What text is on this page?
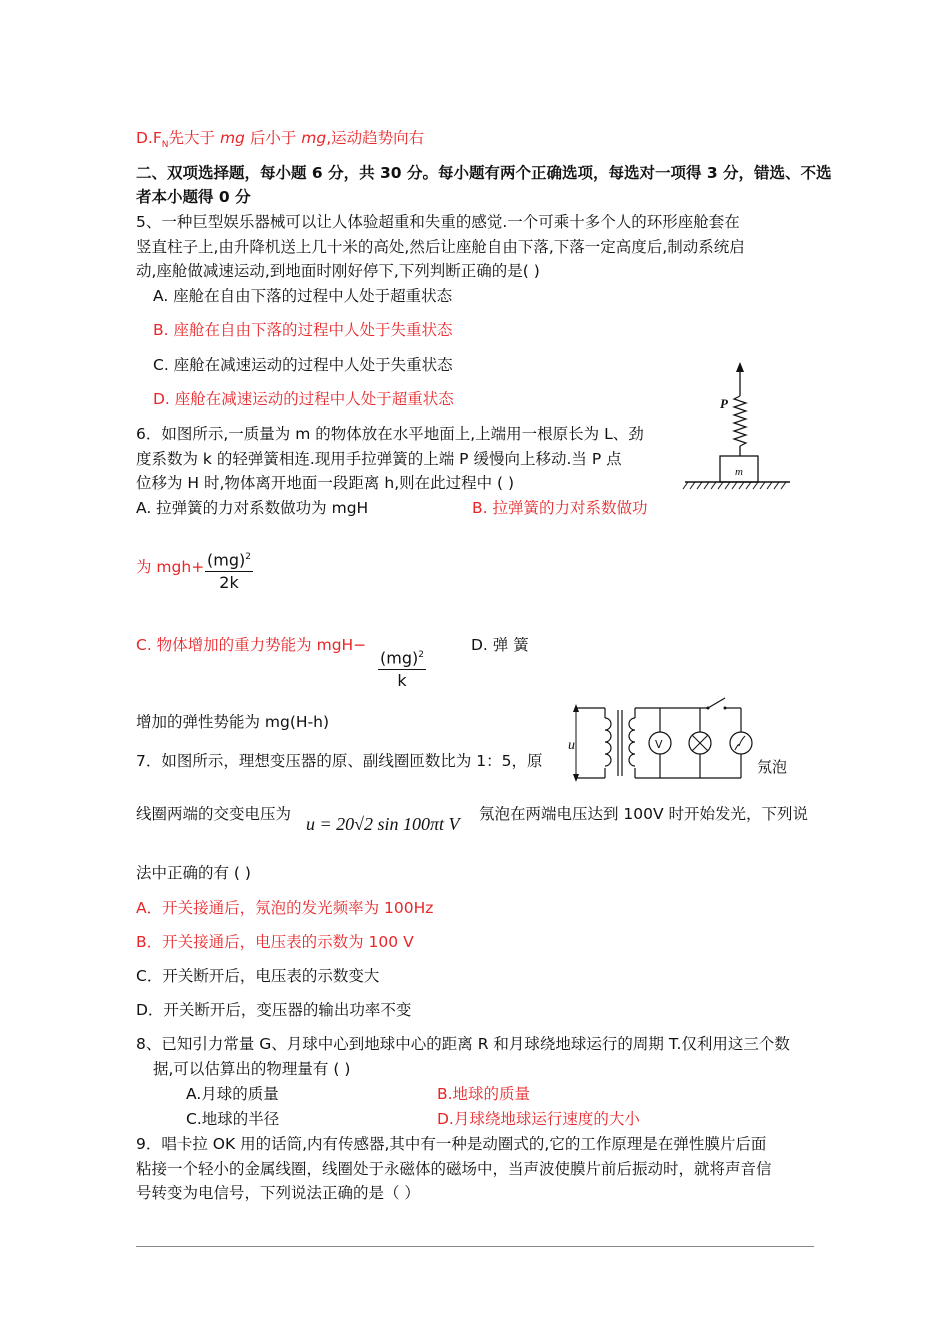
$D.F_N$先大于 mg 后小于 mg,运动趋势向右
二、双项选择题，每小题 6 分，共 30 分。每小题有两个正确选项，每选对一项得 3 分，错选、不选
者本小题得 0 分
5、一种巨型娱乐器械可以让人体验超重和失重的感觉.一个可乘十多个人的环形座舱套在
竖直柱子上,由升降机送上几十米的高处,然后让座舱自由下落,下落一定高度后,制动系统启
动,座舱做减速运动,到地面时刚好停下,下列判断正确的是( )
A. 座舱在自由下落的过程中人处于超重状态
B. 座舱在自由下落的过程中人处于失重状态
C. 座舱在减速运动的过程中人处于失重状态
D. 座舱在减速运动的过程中人处于超重状态	P
m
6．如图所示,一质量为 m 的物体放在水平地面上,上端用一根原长为 L、劲
度系数为 k 的轻弹簧相连.现用手拉弹簧的上端 P 缓慢向上移动.当 P 点
位移为 H 时,物体离开地面一段距离 h,则在此过程中 ( )
A. 拉弹簧的力对系数做功为 mgH	B. 拉弹簧的力对系数做功
为 $mgh+ \frac{(mg)^2}{2k}$
C. 物体增加的重力势能为 $mgH- \frac{(mg)^2}{k}$	D. 弹 簧
增加的弹性势能为 mg(H-h)
u	V
氖泡
7．如图所示，理想变压器的原、副线圈匝数比为 1：5，原
线圈两端的交变电压为 u = 20√2 sin 100πt V 氖泡在两端电压达到 100V 时开始发光，下列说
法中正确的有 ( )
A．开关接通后，氖泡的发光频率为 100Hz
B．开关接通后，电压表的示数为 100 V
C．开关断开后，电压表的示数变大
D．开关断开后，变压器的输出功率不变
8、已知引力常量 G、月球中心到地球中心的距离 R 和月球绕地球运行的周期 T.仅利用这三个数
据,可以估算出的物理量有 ( )
A.月球的质量	B.地球的质量
C.地球的半径	D.月球绕地球运行速度的大小
9．唱卡拉 OK 用的话筒,内有传感器,其中有一种是动圈式的,它的工作原理是在弹性膜片后面
粘接一个轻小的金属线圈，线圈处于永磁体的磁场中，当声波使膜片前后振动时，就将声音信
号转变为电信号，下列说法正确的是（ ）
